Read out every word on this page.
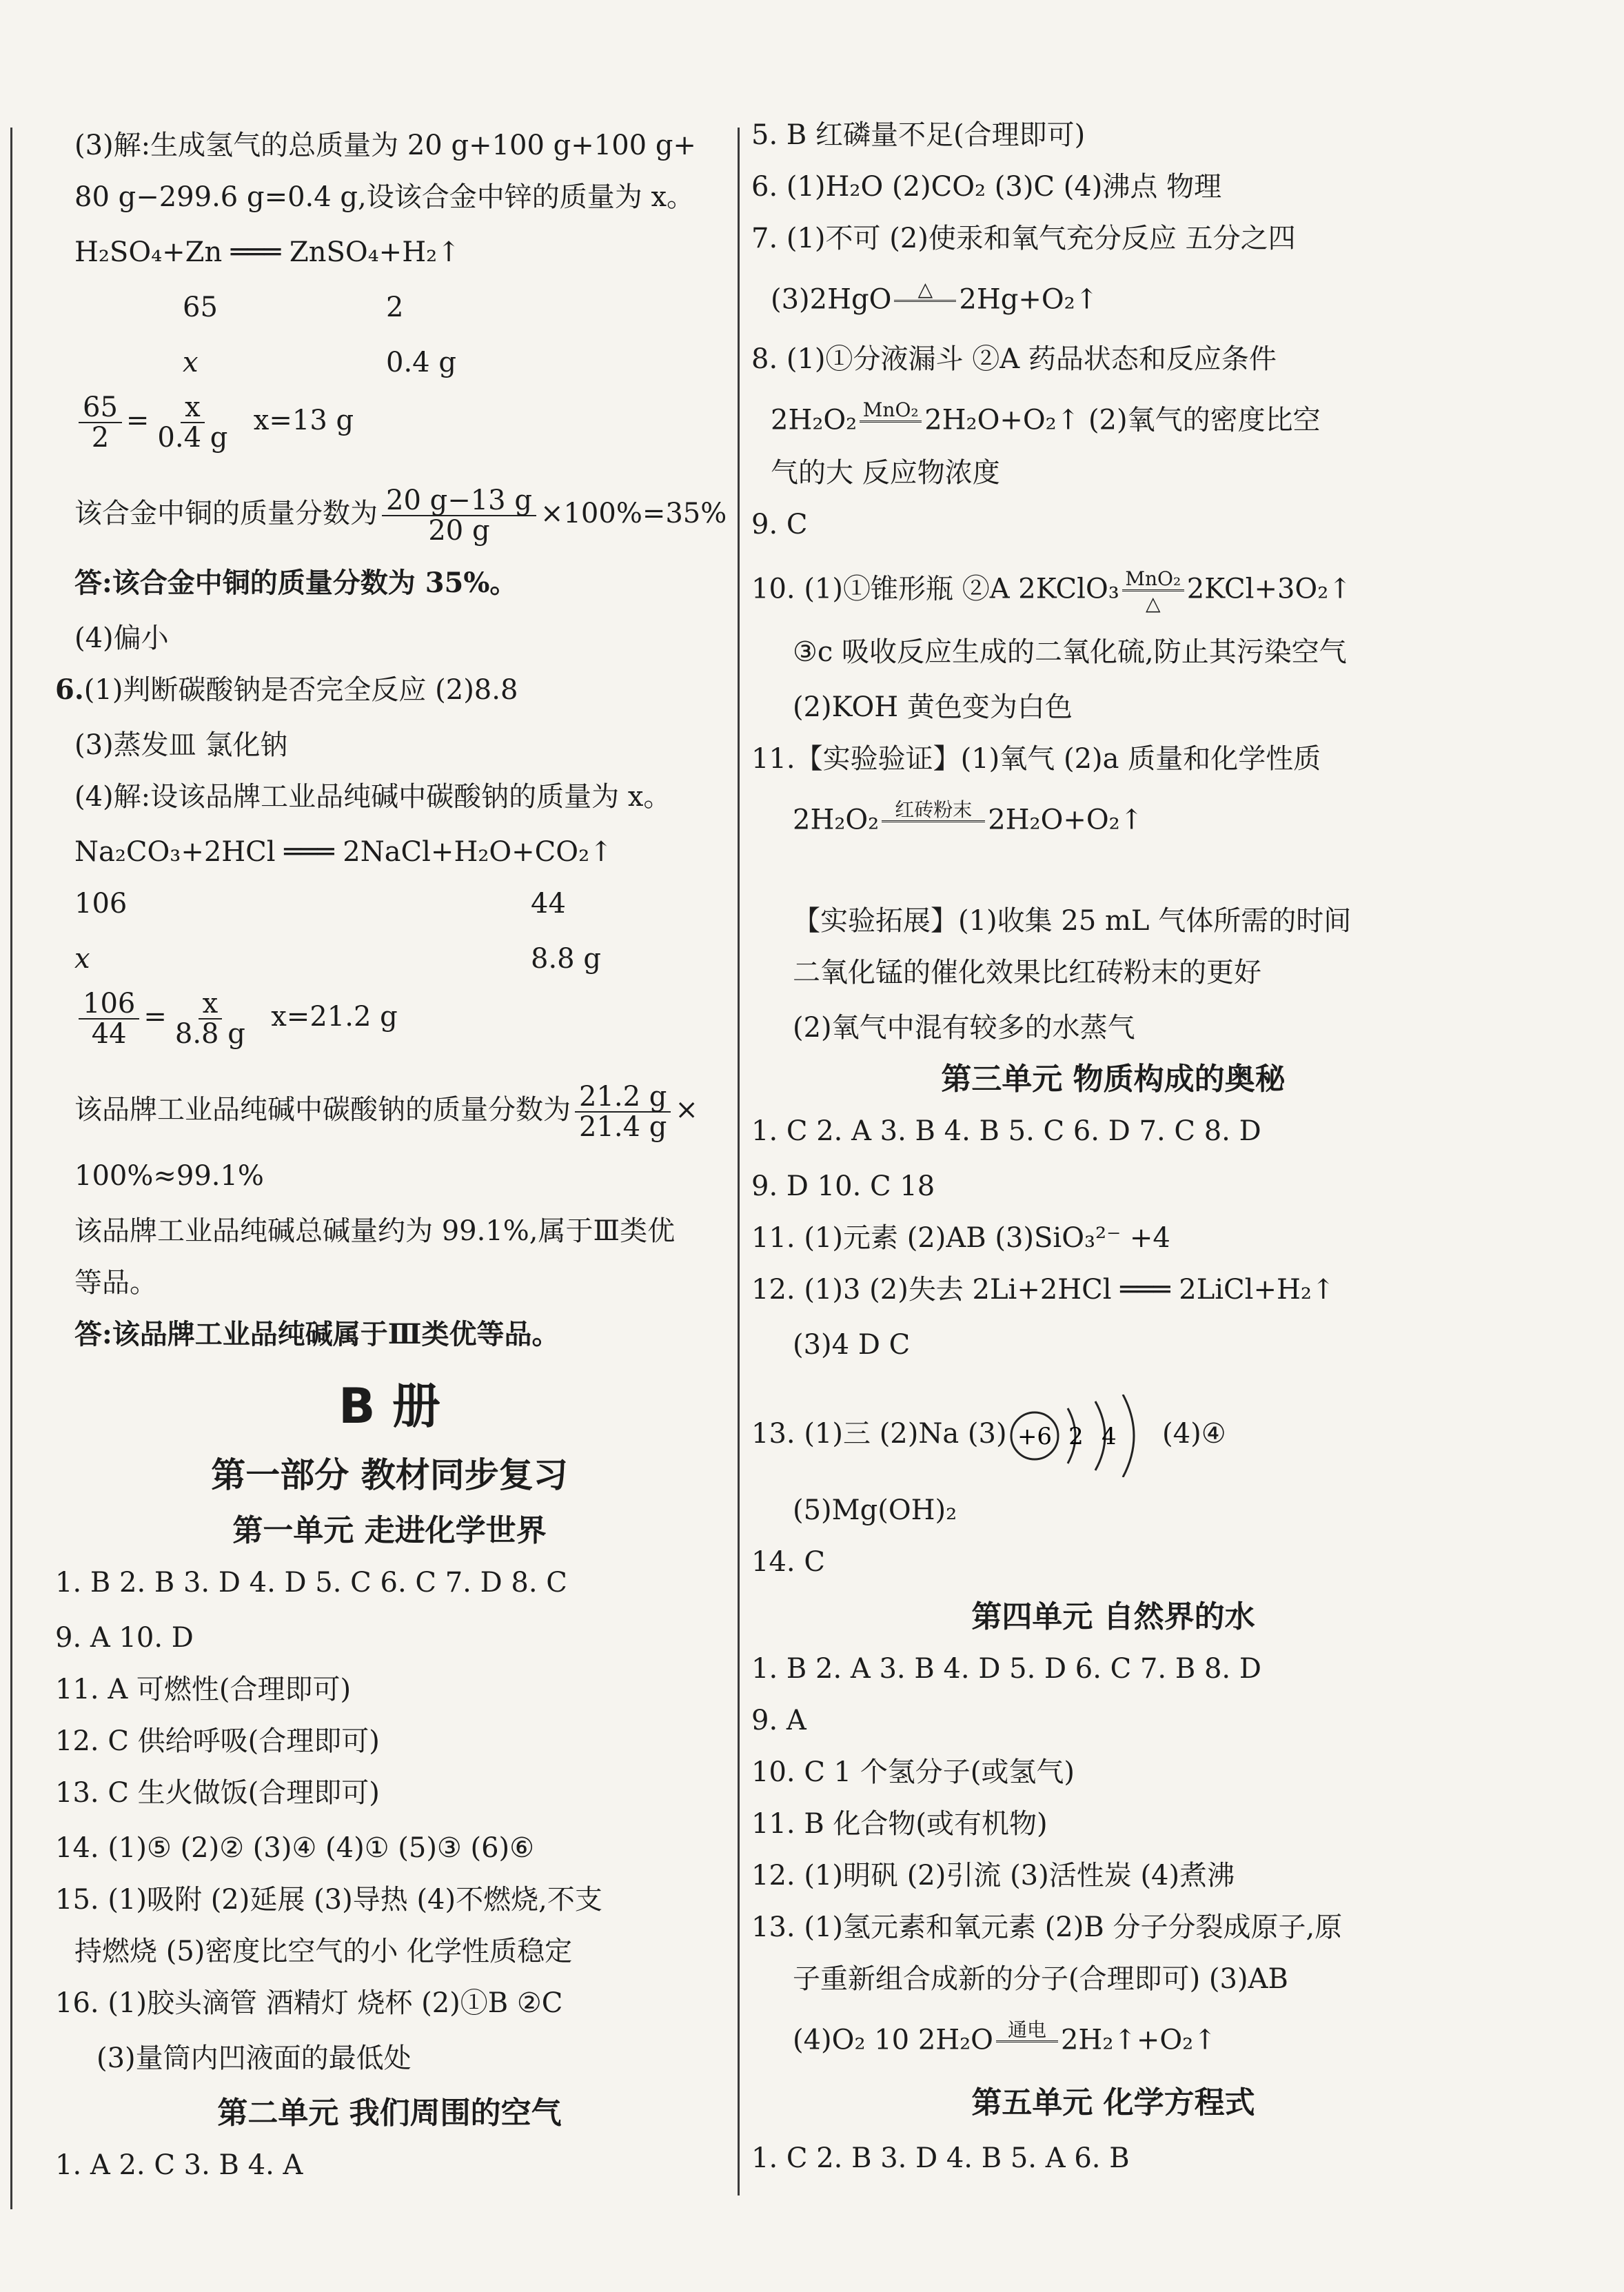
(3)解:生成氢气的总质量为 20 g+100 g+100 g+
80 g−299.6 g=0.4 g,设该合金中锌的质量为 x。
H₂SO₄+Zn ═══ ZnSO₄+H₂↑
65	2
x	0.4 g
$\frac{65}{2} = \frac{x}{0.4 g} x=13$ g
该合金中铜的质量分数为 $\frac{20 g-13 g}{20 g} \times 100\%=35\%$
答:该合金中铜的质量分数为 35%。
(4)偏小
6.(1)判断碳酸钠是否完全反应 (2)8.8
(3)蒸发皿 氯化钠
(4)解:设该品牌工业品纯碱中碳酸钠的质量为 x。
Na₂CO₃+2HCl ═══ 2NaCl+H₂O+CO₂↑
106	44
x	8.8 g
$\frac{106}{44} = \frac{x}{8.8 g} x=21.2$ g
该品牌工业品纯碱中碳酸钠的质量分数为 $\frac{21.2 g}{21.4 g}$ ×
100%≈99.1%
该品牌工业品纯碱总碱量约为 99.1%,属于Ⅲ类优
等品。
答:该品牌工业品纯碱属于Ⅲ类优等品。
B 册
第一部分 教材同步复习
第一单元 走进化学世界
1. B 2. B 3. D 4. D 5. C 6. C 7. D 8. C
9. A 10. D
11. A 可燃性(合理即可)
12. C 供给呼吸(合理即可)
13. C 生火做饭(合理即可)
14. (1)⑤ (2)② (3)④ (4)① (5)③ (6)⑥
15. (1)吸附 (2)延展 (3)导热 (4)不燃烧,不支
持燃烧 (5)密度比空气的小 化学性质稳定
16. (1)胶头滴管 酒精灯 烧杯 (2)①B ②C
(3)量筒内凹液面的最低处
第二单元 我们周围的空气
1. A 2. C 3. B 4. A
5. B 红磷量不足(合理即可)
6. (1)H₂O (2)CO₂ (3)C (4)沸点 物理
7. (1)不可 (2)使汞和氧气充分反应 五分之四
(3)2HgO △
2Hg+O₂↑
8. (1)①分液漏斗 ②A 药品状态和反应条件
2H₂O₂ MnO₂
2H₂O+O₂↑ (2)氧气的密度比空
气的大 反应物浓度
9. C
10. (1)①锥形瓶 ②A 2KClO₃ MnO₂
△ 2KCl+3O₂↑
③c 吸收反应生成的二氧化硫,防止其污染空气
(2)KOH 黄色变为白色
11.【实验验证】(1)氧气 (2)a 质量和化学性质
2H₂O₂ 红砖粉末
2H₂O+O₂↑
【实验拓展】(1)收集 25 mL 气体所需的时间
二氧化锰的催化效果比红砖粉末的更好
(2)氧气中混有较多的水蒸气
第三单元 物质构成的奥秘
1. C 2. A 3. B 4. B 5. C 6. D 7. C 8. D
9. D 10. C 18
11. (1)元素 (2)AB (3)SiO₃²⁻ +4
12. (1)3 (2)失去 2Li+2HCl ═══ 2LiCl+H₂↑
(3)4 D C
13. (1)三 (2)Na (3) +6 2 4 (4)④
(5)Mg(OH)₂
14. C
第四单元 自然界的水
1. B 2. A 3. B 4. D 5. D 6. C 7. B 8. D
9. A
10. C 1 个氢分子(或氢气)
11. B 化合物(或有机物)
12. (1)明矾 (2)引流 (3)活性炭 (4)煮沸
13. (1)氢元素和氧元素 (2)B 分子分裂成原子,原
子重新组合成新的分子(合理即可) (3)AB
(4)O₂ 10 2H₂O 通电
2H₂↑+O₂↑
第五单元 化学方程式
1. C 2. B 3. D 4. B 5. A 6. B
